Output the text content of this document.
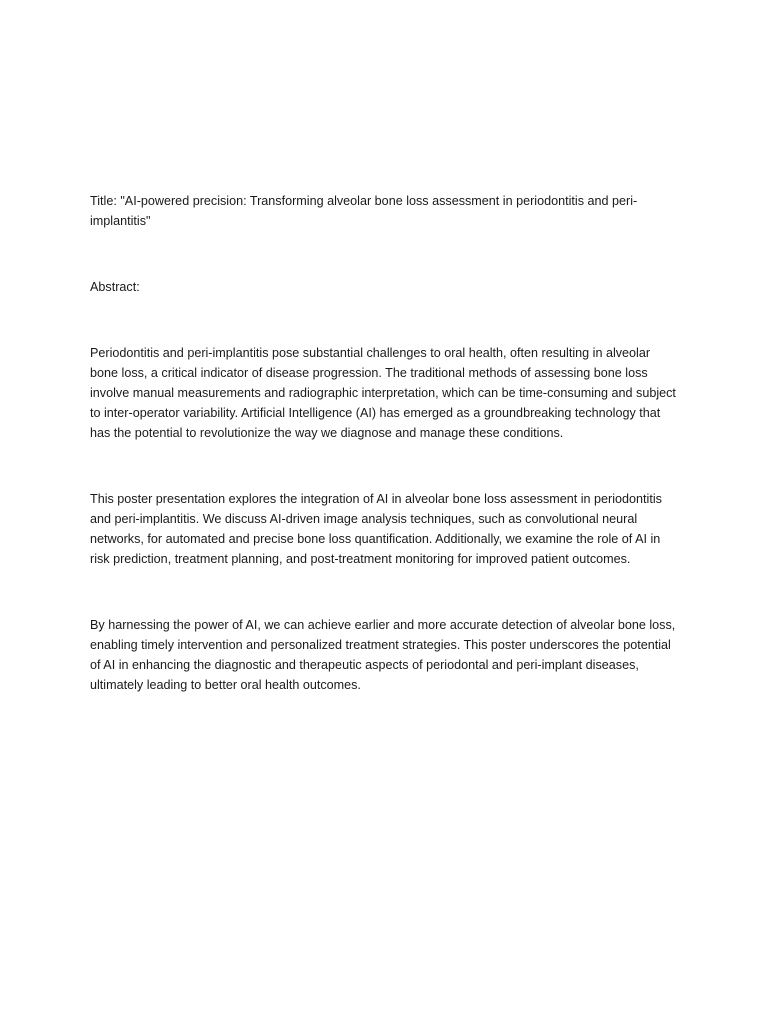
Title: "AI-powered precision: Transforming alveolar bone loss assessment in periodontitis and peri-implantitis"

Abstract:

Periodontitis and peri-implantitis pose substantial challenges to oral health, often resulting in alveolar bone loss, a critical indicator of disease progression. The traditional methods of assessing bone loss involve manual measurements and radiographic interpretation, which can be time-consuming and subject to inter-operator variability. Artificial Intelligence (AI) has emerged as a groundbreaking technology that has the potential to revolutionize the way we diagnose and manage these conditions.

This poster presentation explores the integration of AI in alveolar bone loss assessment in periodontitis and peri-implantitis. We discuss AI-driven image analysis techniques, such as convolutional neural networks, for automated and precise bone loss quantification. Additionally, we examine the role of AI in risk prediction, treatment planning, and post-treatment monitoring for improved patient outcomes.

By harnessing the power of AI, we can achieve earlier and more accurate detection of alveolar bone loss, enabling timely intervention and personalized treatment strategies. This poster underscores the potential of AI in enhancing the diagnostic and therapeutic aspects of periodontal and peri-implant diseases, ultimately leading to better oral health outcomes.
